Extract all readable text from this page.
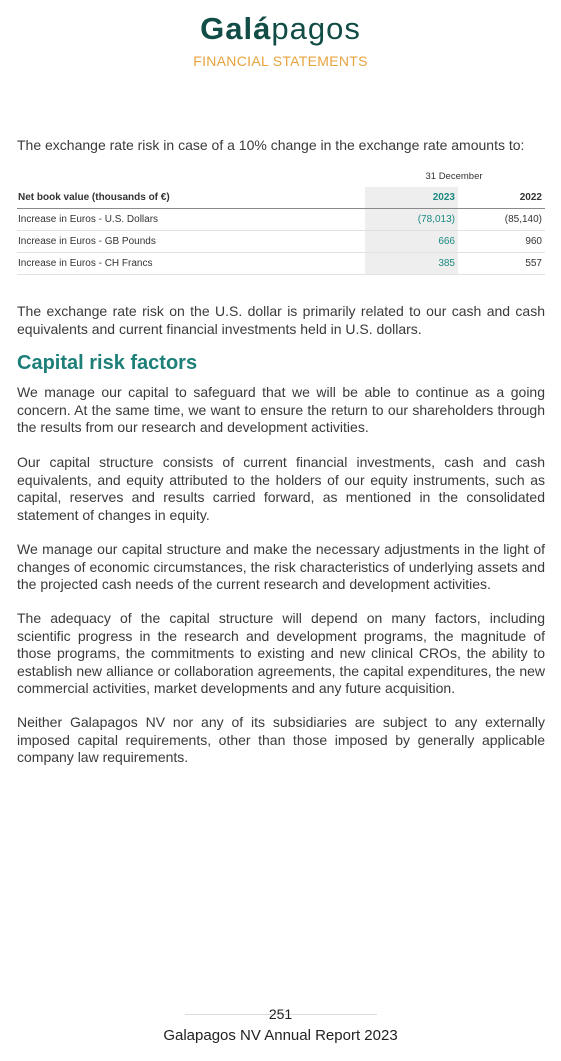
Galápagos
FINANCIAL STATEMENTS
The exchange rate risk in case of a 10% change in the exchange rate amounts to:
	31 December	
Net book value (thousands of €)	2023	2022
Increase in Euros - U.S. Dollars	(78,013)	(85,140)
Increase in Euros - GB Pounds	666	960
Increase in Euros - CH Francs	385	557

The exchange rate risk on the U.S. dollar is primarily related to our cash and cash equivalents and current financial investments held in U.S. dollars.

Capital risk factors

We manage our capital to safeguard that we will be able to continue as a going concern. At the same time, we want to ensure the return to our shareholders through the results from our research and development activities.

Our capital structure consists of current financial investments, cash and cash equivalents, and equity attributed to the holders of our equity instruments, such as capital, reserves and results carried forward, as mentioned in the consolidated statement of changes in equity.

We manage our capital structure and make the necessary adjustments in the light of changes of economic circumstances, the risk characteristics of underlying assets and the projected cash needs of the current research and development activities.

The adequacy of the capital structure will depend on many factors, including scientific progress in the research and development programs, the magnitude of those programs, the commitments to existing and new clinical CROs, the ability to establish new alliance or collaboration agreements, the capital expenditures, the new commercial activities, market developments and any future acquisition.

Neither Galapagos NV nor any of its subsidiaries are subject to any externally imposed capital requirements, other than those imposed by generally applicable company law requirements.

251
Galapagos NV Annual Report 2023
